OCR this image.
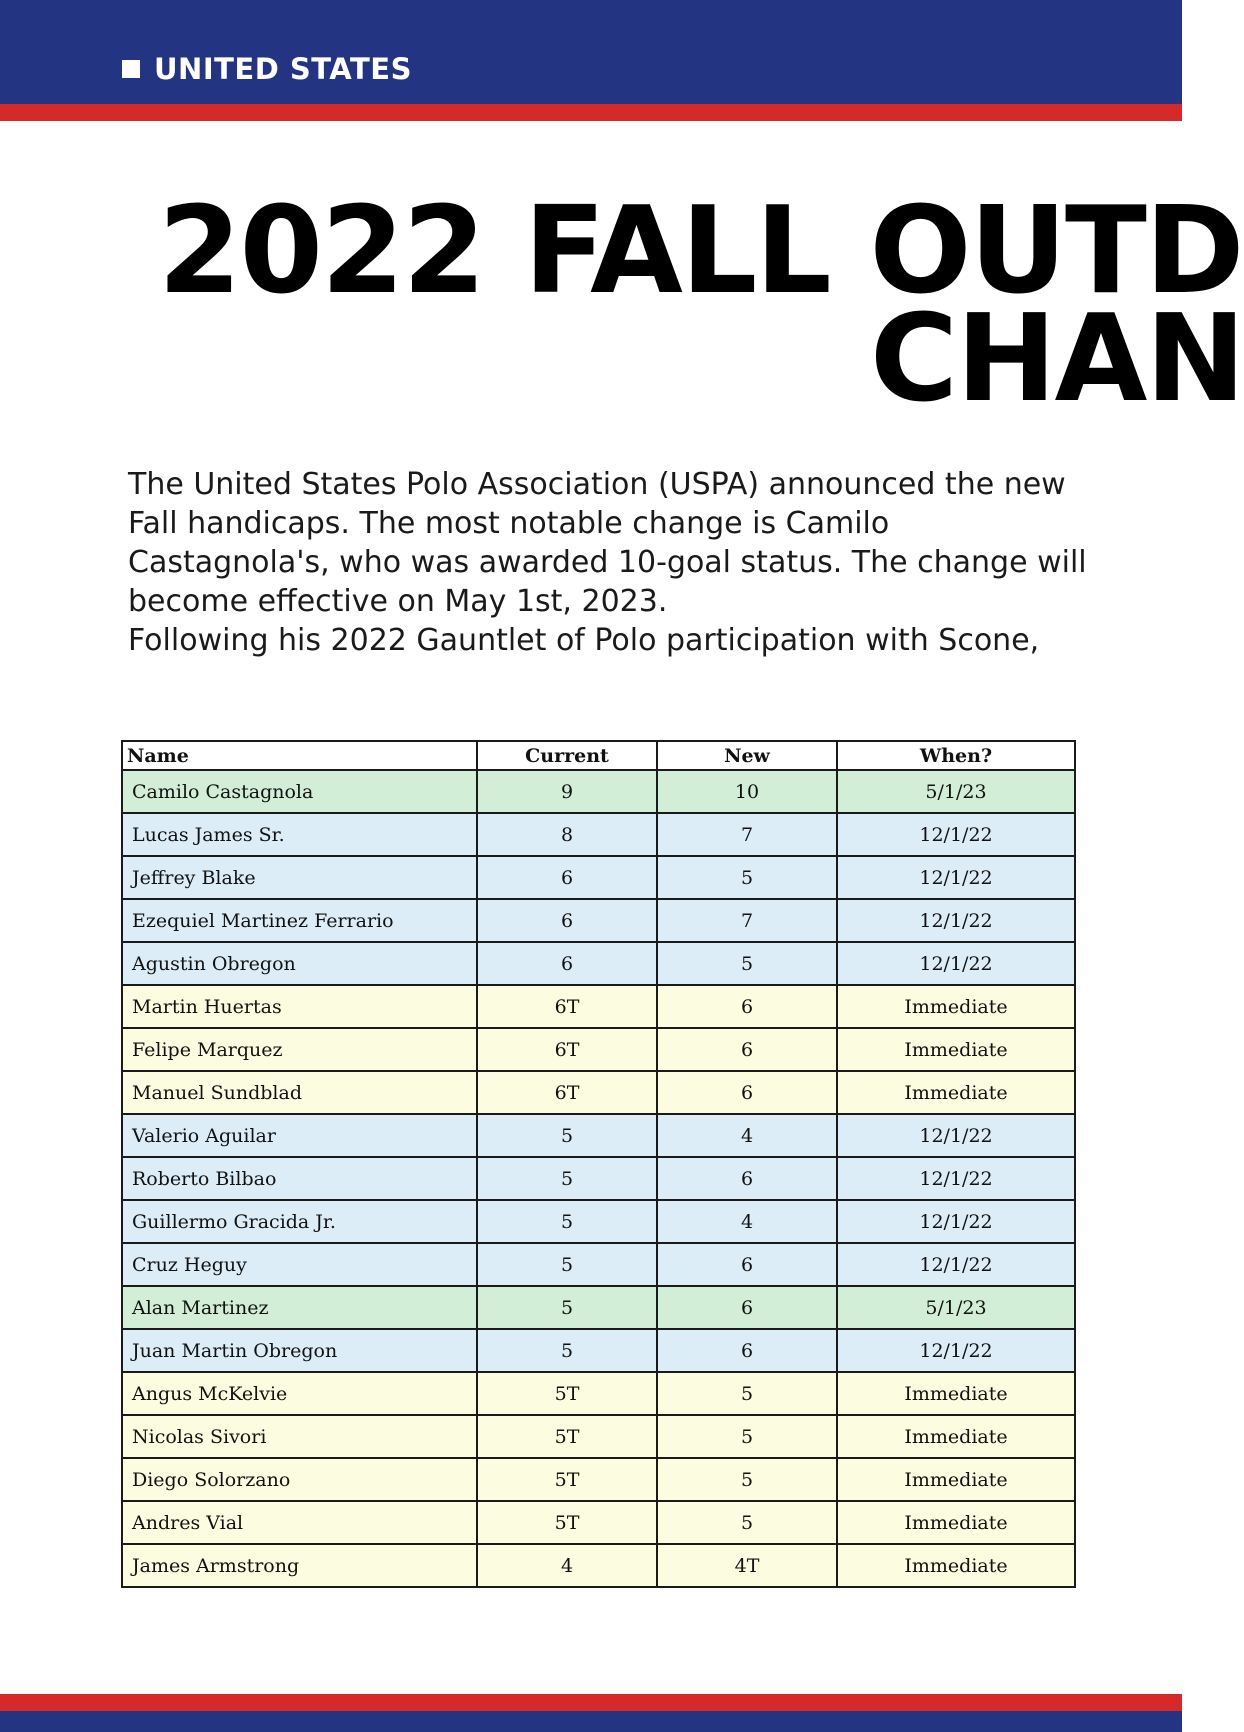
UNITED STATES
2022 FALL OUTD
CHAN

The United States Polo Association (USPA) announced the new Fall handicaps. The most notable change is Camilo Castagnola's, who was awarded 10-goal status. The change will become effective on May 1st, 2023.

Following his 2022 Gauntlet of Polo participation with Scone,

Name	Current	New	When?
Camilo Castagnola	9	10	5/1/23
Lucas James Sr.	8	7	12/1/22
Jeffrey Blake	6	5	12/1/22
Ezequiel Martinez Ferrario	6	7	12/1/22
Agustin Obregon	6	5	12/1/22
Martin Huertas	6T	6	Immediate
Felipe Marquez	6T	6	Immediate
Manuel Sundblad	6T	6	Immediate
Valerio Aguilar	5	4	12/1/22
Roberto Bilbao	5	6	12/1/22
Guillermo Gracida Jr.	5	4	12/1/22
Cruz Heguy	5	6	12/1/22
Alan Martinez	5	6	5/1/23
Juan Martin Obregon	5	6	12/1/22
Angus McKelvie	5T	5	Immediate
Nicolas Sivori	5T	5	Immediate
Diego Solorzano	5T	5	Immediate
Andres Vial	5T	5	Immediate
James Armstrong	4	4T	Immediate
